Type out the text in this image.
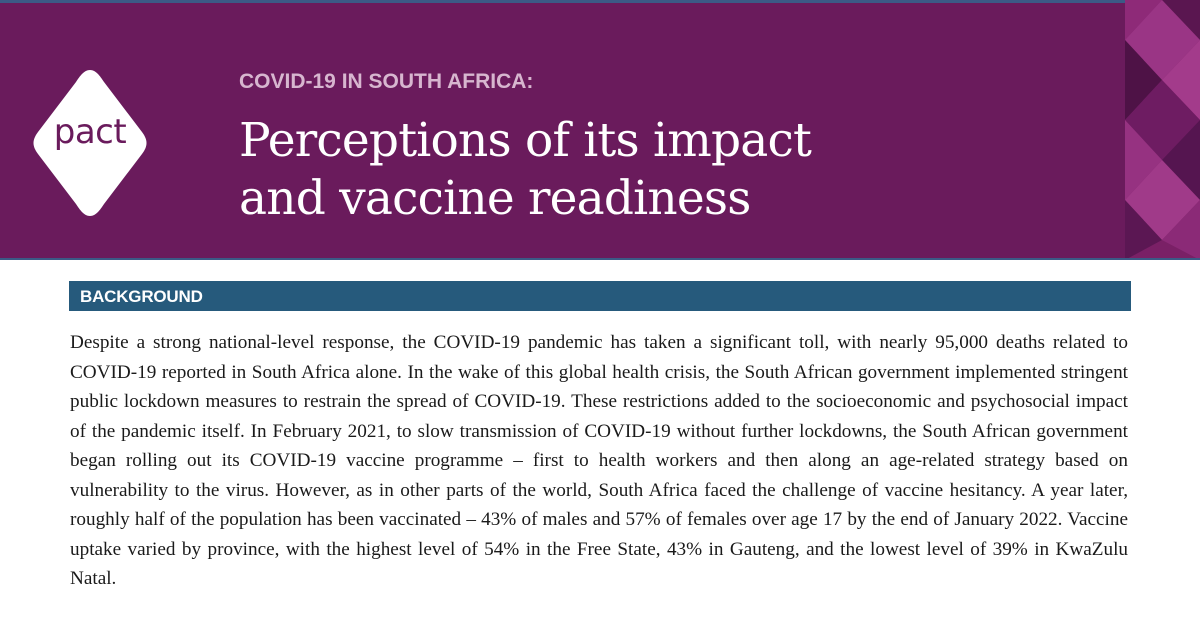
pact
COVID-19 IN SOUTH AFRICA:
Perceptions of its impact
and vaccine readiness
BACKGROUND

Despite a strong national-level response, the COVID-19 pandemic has taken a significant toll, with nearly 95,000 deaths related to COVID-19 reported in South Africa alone. In the wake of this global health crisis, the South African government implemented stringent public lockdown measures to restrain the spread of COVID-19. These restrictions added to the socioeconomic and psychosocial impact of the pandemic itself. In February 2021, to slow transmission of COVID-19 without further lockdowns, the South African government began rolling out its COVID-19 vaccine programme – first to health workers and then along an age-related strategy based on vulnerability to the virus. However, as in other parts of the world, South Africa faced the challenge of vaccine hesitancy. A year later, roughly half of the population has been vaccinated – 43% of males and 57% of females over age 17 by the end of January 2022. Vaccine uptake varied by province, with the highest level of 54% in the Free State, 43% in Gauteng, and the lowest level of 39% in KwaZulu Natal.
